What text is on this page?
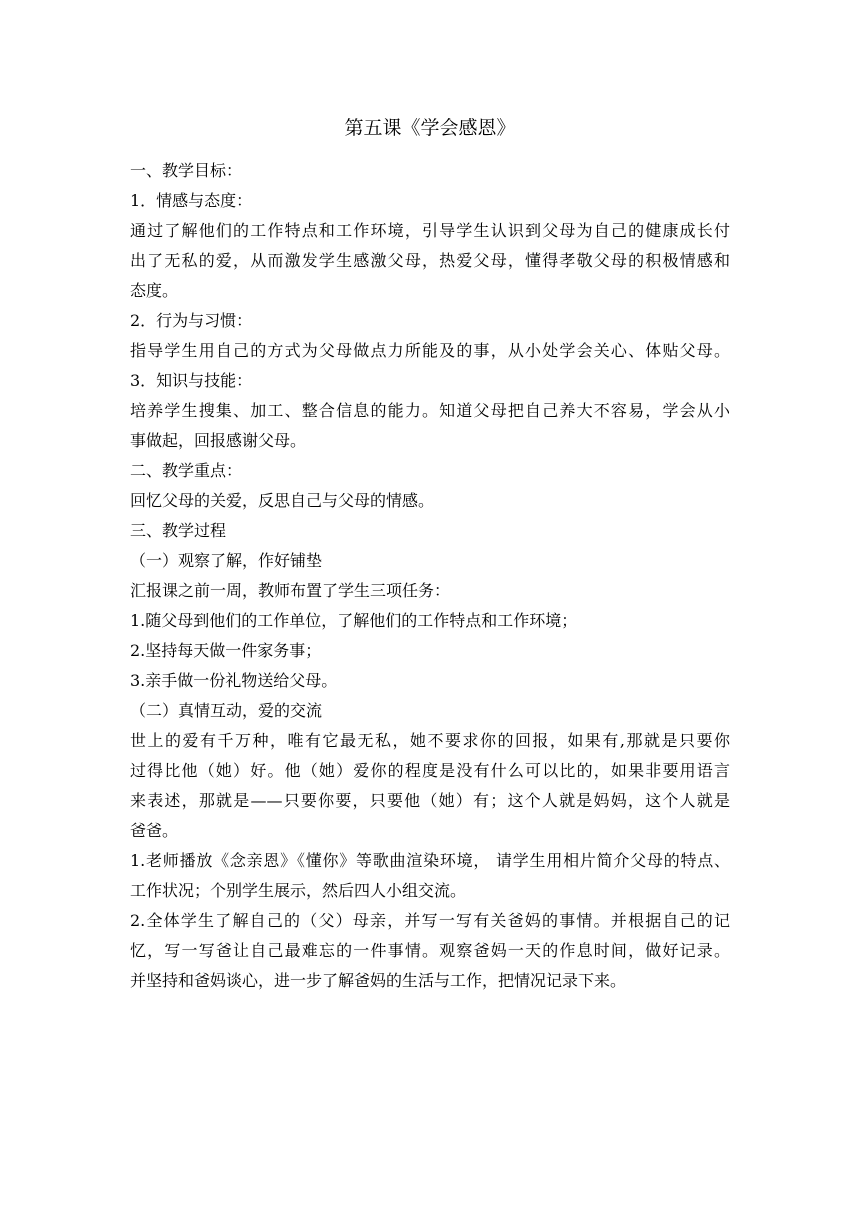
第五课《学会感恩》
一、教学目标：
1．情感与态度：
通过了解他们的工作特点和工作环境，引导学生认识到父母为自己的健康成长付
出了无私的爱，从而激发学生感激父母，热爱父母，懂得孝敬父母的积极情感和
态度。
2．行为与习惯：
指导学生用自己的方式为父母做点力所能及的事，从小处学会关心、体贴父母。
3．知识与技能：
培养学生搜集、加工、整合信息的能力。知道父母把自己养大不容易，学会从小
事做起，回报感谢父母。
二、教学重点：
回忆父母的关爱，反思自己与父母的情感。
三、教学过程
（一）观察了解，作好铺垫
汇报课之前一周，教师布置了学生三项任务：
1.随父母到他们的工作单位，了解他们的工作特点和工作环境；
2.坚持每天做一件家务事；
3.亲手做一份礼物送给父母。
（二）真情互动，爱的交流
世上的爱有千万种，唯有它最无私，她不要求你的回报，如果有,那就是只要你
过得比他（她）好。他（她）爱你的程度是没有什么可以比的，如果非要用语言
来表述，那就是——只要你要，只要他（她）有；这个人就是妈妈，这个人就是
爸爸。
1.老师播放《念亲恩》《懂你》等歌曲渲染环境， 请学生用相片简介父母的特点、
工作状况；个别学生展示，然后四人小组交流。
2.全体学生了解自己的（父）母亲，并写一写有关爸妈的事情。并根据自己的记
忆，写一写爸让自己最难忘的一件事情。观察爸妈一天的作息时间，做好记录。
并坚持和爸妈谈心，进一步了解爸妈的生活与工作，把情况记录下来。
